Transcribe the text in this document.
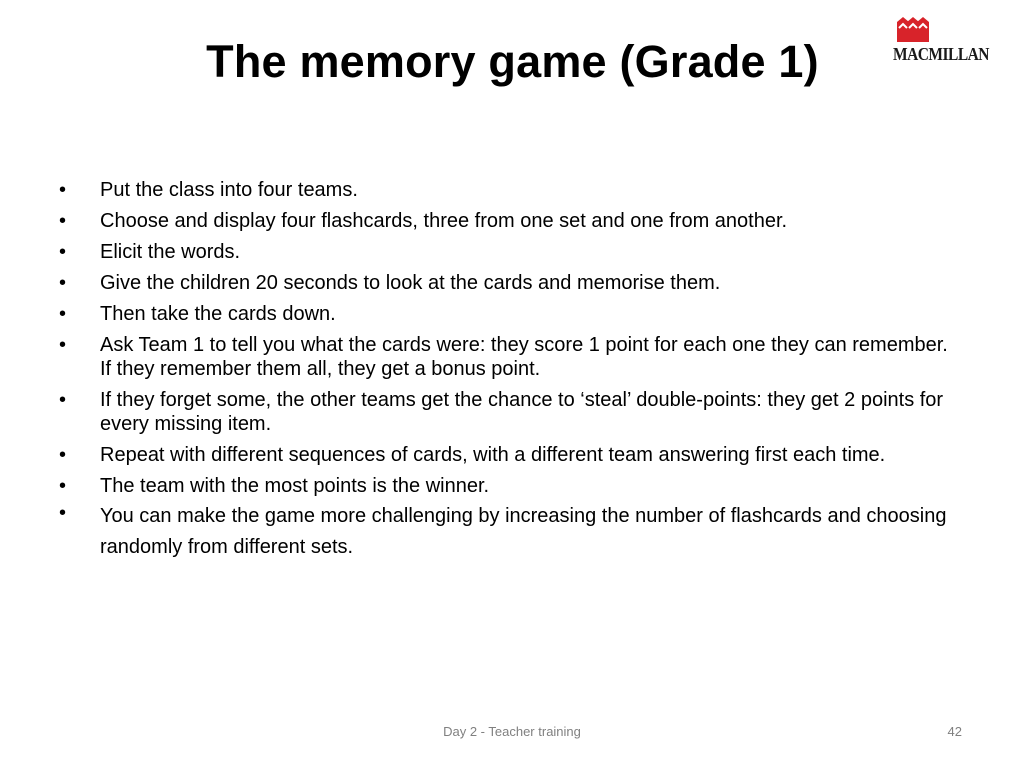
The memory game (Grade 1)	MACMILLAN
• Put the class into four teams.
• Choose and display four flashcards, three from one set and one from another.
• Elicit the words.
• Give the children 20 seconds to look at the cards and memorise them.
• Then take the cards down.
• Ask Team 1 to tell you what the cards were: they score 1 point for each one they can remember. If they remember them all, they get a bonus point.
• If they forget some, the other teams get the chance to ‘steal’ double-points: they get 2 points for every missing item.
• Repeat with different sequences of cards, with a different team answering first each time.
• The team with the most points is the winner.
• You can make the game more challenging by increasing the number of flashcards and choosing randomly from different sets.
Day 2 - Teacher training	42
